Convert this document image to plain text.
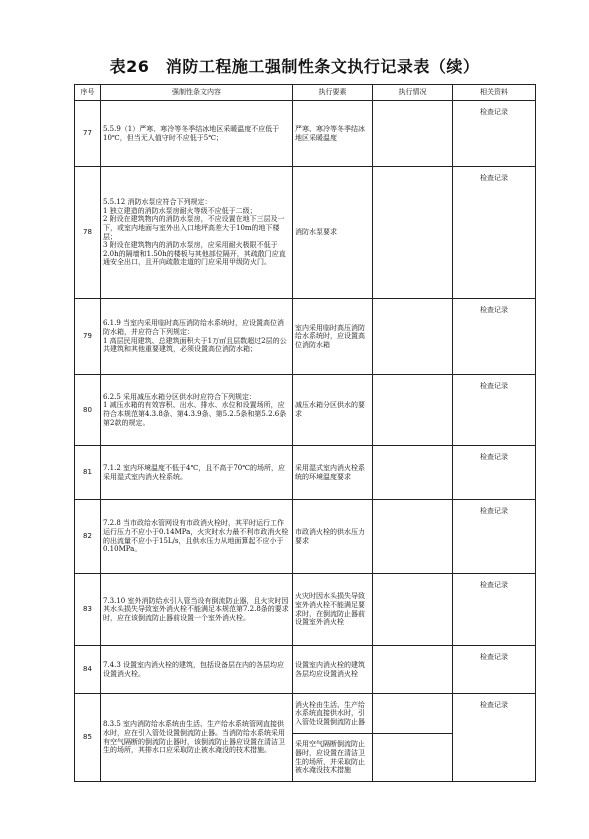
表26　消防工程施工强制性条文执行记录表（续）
序号	强制性条文内容	执行要素	执行情况	相关资料
77	5.5.9（1）严寒、寒冷等冬季结冰地区采暖温度不应低于10℃，但当无人值守时不应低于5℃；	严寒、寒冷等冬季结冰地区采暖温度		检查记录
78	5.5.12 消防水泵应符合下列规定：
1 独立建造的消防水泵房耐火等级不应低于二级；
2 附设在建筑物内的消防水泵房，不应设置在地下三层及一下，或室内地面与室外出入口地坪高差大于10m的地下楼层；
3 附设在建筑物内的消防水泵房，应采用耐火极限不低于2.0h的隔墙和1.50h的楼板与其他部位隔开，其疏散门应直通安全出口，且开向疏散走道的门应采用甲级防火门。	消防水泵要求		检查记录
79	6.1.9 当室内采用临时高压消防给水系统时，应设置高位消防水箱，并应符合下列规定：
1 高层民用建筑、总建筑面积大于1万㎡且层数超过2层的公共建筑和其他重要建筑，必须设置高位消防水箱；	室内采用临时高压消防给水系统时，应设置高位消防水箱		检查记录
80	6.2.5 采用减压水箱分区供水时应符合下列规定：
1 减压水箱的有效容积、出水、排水、水位和设置场所，应符合本规范第4.3.8条、第4.3.9条、第5.2.5条和第5.2.6条第2款的规定。	减压水箱分区供水的要求		检查记录
81	7.1.2 室内环境温度不低于4℃，且不高于70℃的场所，应采用湿式室内消火栓系统。	采用湿式室内消火栓系统的环境温度要求		检查记录
82	7.2.8 当市政给水管网设有市政消火栓时，其平时运行工作运行压力不应小于0.14MPa，火灾时水力最不利市政消火栓的出流量不应小于15L/s，且供水压力从地面算起不应小于0.10MPa。	市政消火栓的供水压力要求		检查记录
83	7.3.10 室外消防给水引入管当设有倒流防止器，且火灾时因其水头损失导致室外消火栓不能满足本规范第7.2.8条的要求时，应在该倒流防止器前设置一个室外消火栓。	火灾时因水头损失导致室外消火栓不能满足要求时，在倒流防止器前设置室外消火栓		检查记录
84	7.4.3 设置室内消火栓的建筑，包括设备层在内的各层均应设置消火栓。	设置室内消火栓的建筑各层均应设置消火栓		检查记录
85	8.3.5 室内消防给水系统由生活、生产给水系统管网直接供水时，应在引入管处设置倒流防止器。当消防给水系统采用有空气隔断的倒流防止器时，该倒流防止器应设置在清洁卫生的场所，其排水口应采取防止被水淹没的技术措施。	消火栓由生活、生产给水系统直接供水时，引入管处设置倒流防止器		检查记录
		采用空气隔断倒流防止器时，应设置在清洁卫生的场所，并采取防止被水淹没技术措施		
